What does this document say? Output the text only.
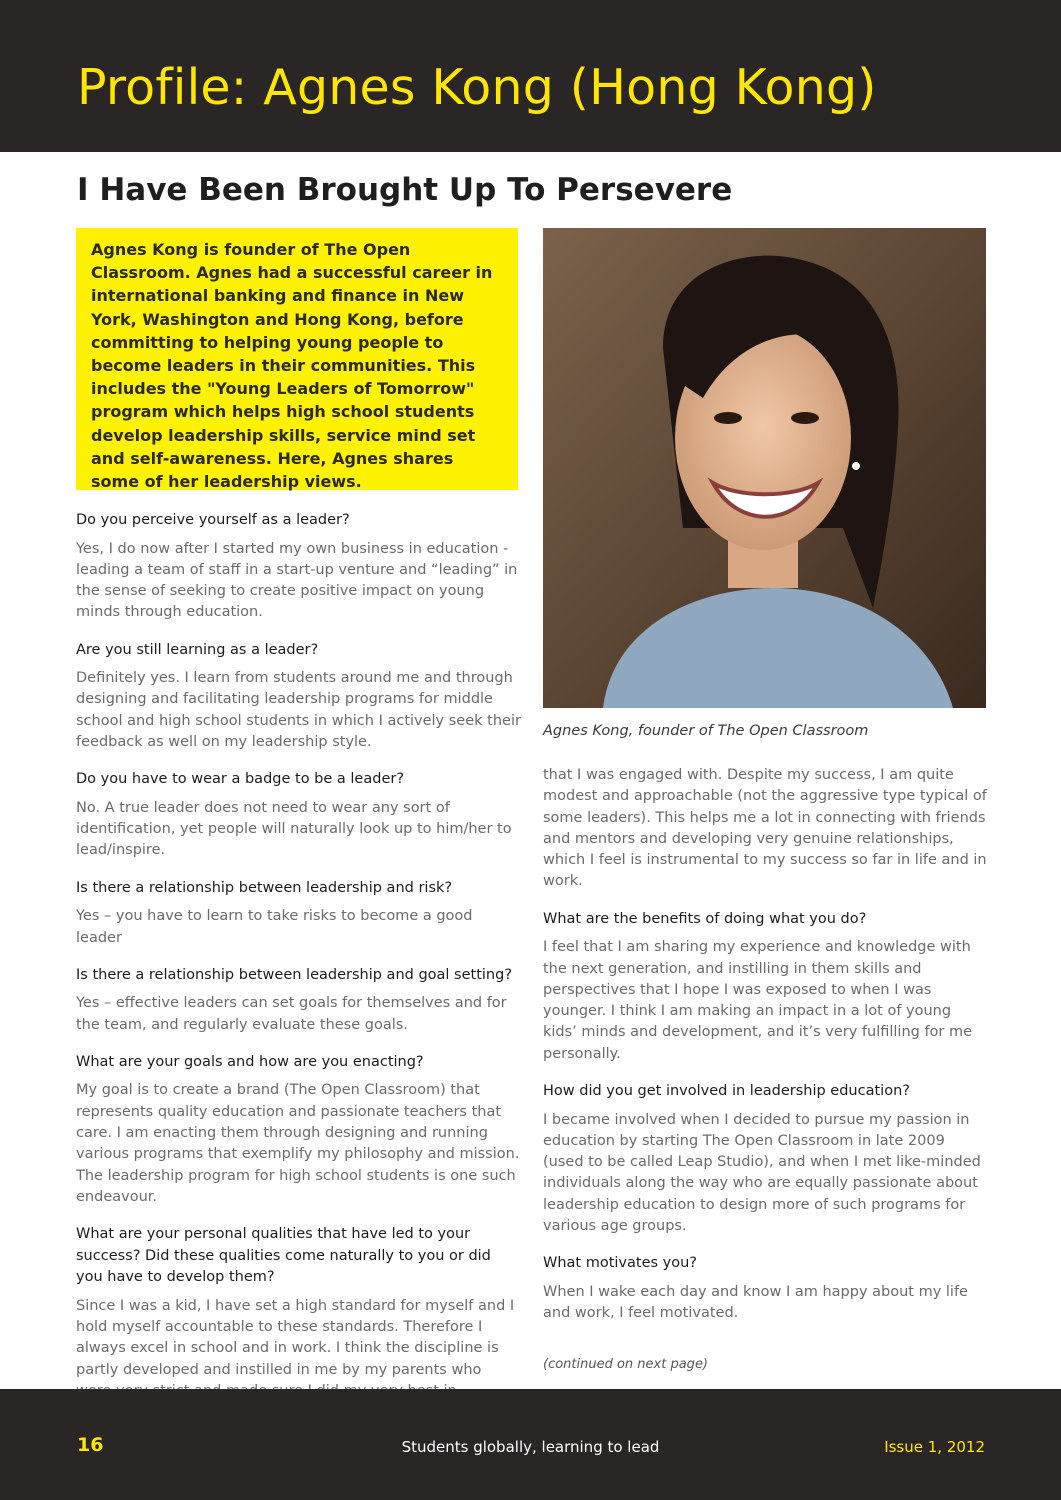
Profile: Agnes Kong (Hong Kong)
I Have Been Brought Up To Persevere

Agnes Kong is founder of The Open Classroom. Agnes had a successful career in international banking and finance in New York, Washington and Hong Kong, before committing to helping young people to become leaders in their communities. This includes the "Young Leaders of Tomorrow" program which helps high school students develop leadership skills, service mind set and self-awareness. Here, Agnes shares some of her leadership views.

Agnes Kong, founder of The Open Classroom

Do you perceive yourself as a leader?

Yes, I do now after I started my own business in education - leading a team of staff in a start-up venture and “leading” in the sense of seeking to create positive impact on young minds through education.

Are you still learning as a leader?

Definitely yes. I learn from students around me and through designing and facilitating leadership programs for middle school and high school students in which I actively seek their feedback as well on my leadership style.

Do you have to wear a badge to be a leader?

No. A true leader does not need to wear any sort of identification, yet people will naturally look up to him/her to lead/inspire.

Is there a relationship between leadership and risk?

Yes – you have to learn to take risks to become a good leader

Is there a relationship between leadership and goal setting?

Yes – effective leaders can set goals for themselves and for the team, and regularly evaluate these goals.

What are your goals and how are you enacting?

My goal is to create a brand (The Open Classroom) that represents quality education and passionate teachers that care. I am enacting them through designing and running various programs that exemplify my philosophy and mission. The leadership program for high school students is one such endeavour.

What are your personal qualities that have led to your success? Did these qualities come naturally to you or did you have to develop them?

Since I was a kid, I have set a high standard for myself and I hold myself accountable to these standards. Therefore I always excel in school and in work. I think the discipline is partly developed and instilled in me by my parents who

that I was engaged with. Despite my success, I am quite modest and approachable (not the aggressive type typical of some leaders). This helps me a lot in connecting with friends and mentors and developing very genuine relationships, which I feel is instrumental to my success so far in life and in work.

What are the benefits of doing what you do?

I feel that I am sharing my experience and knowledge with the next generation, and instilling in them skills and perspectives that I hope I was exposed to when I was younger. I think I am making an impact in a lot of young kids’ minds and development, and it’s very fulfilling for me personally.

How did you get involved in leadership education?

I became involved when I decided to pursue my passion in education by starting The Open Classroom in late 2009 (used to be called Leap Studio), and when I met like-minded individuals along the way who are equally passionate about leadership education to design more of such programs for various age groups.

What motivates you?

When I wake each day and know I am happy about my life and work, I feel motivated.

(continued on next page)

16	Students globally, learning to lead	Issue 1, 2012
